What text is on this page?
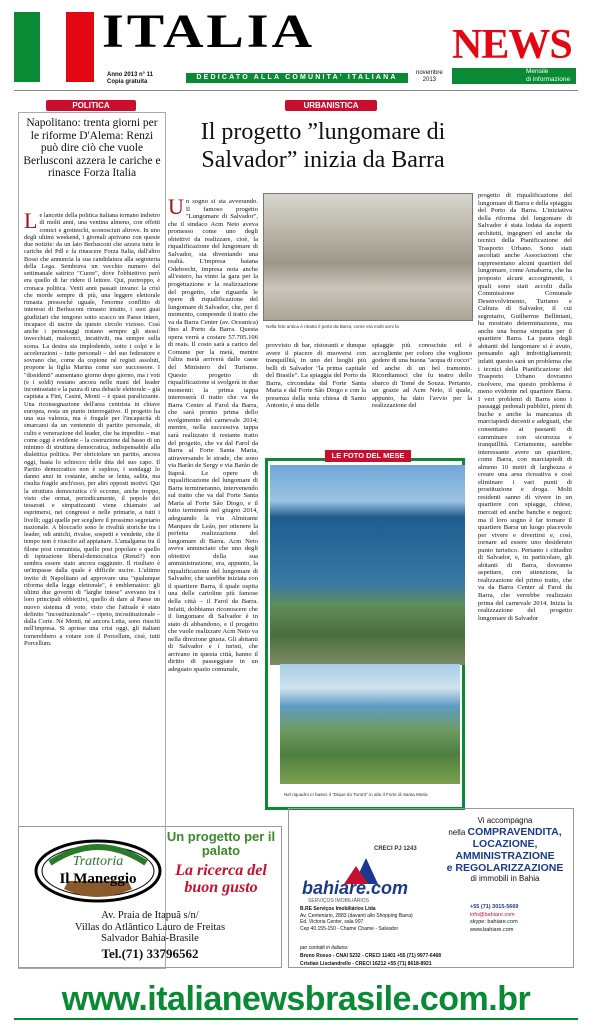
ITALIA	NEWS
Mensile
di informazione
Anno 2013 n° 11
Copia gratuita
DEDICATO ALLA COMUNITA' ITALIANA
novembre
2013
POLITICA	URBANISTICA
Napolitano: trenta giorni per le riforme D'Alema: Renzi può dire ciò che vuole Berlusconi azzera le cariche e rinasce Forza Italia
Le lancette della politica italiana tornano indietro di molti anni, una ventina almeno, con effetti comici e grotteschi, sconosciuti altrove. In uno degli ultimi weekend, i giornali aprivano con queste due notizie: da un lato Berlusconi che azzera tutte le cariche del Pdl e fa rinascere Forza Italia, dall'altro Bossi che annuncia la sua candidatura alla segreteria della Lega. Sembrava un vecchio numero del settimanale satirico "Cuore", dove l'obbiettivo però era quello di far ridere il lettore. Qui, purtroppo, è cronaca politica. Venti anni passati invano: la crisi che morde sempre di più, una leggere elettorale rimasta pressoché uguale, l'enorme conflitto di interessi di Berlusconi rimasto intatto, i suoi guai giudiziari che tengono sotto scacco un Paese intero, incapace di uscire da questo circolo vizioso. Così anche i personaggi restano sempre gli stessi: invecchiati, malconci, incattiviti, ma sempre sulla scena. La destra sta implodendo, sotto i colpi e le accelerazioni – tutte personali – del suo federatore e sovrano che, come da copione né registi assoluti, propone la figlia Marina come suo successore. I "dissidenti" aumentano giorno dopo giorno, ma i voti (e i soldi) restano ancora nelle mani del leader incontrastato e la paura di una debacle elettorale – già capitata a Fini, Casini, Monti – è quasi paralizzante. Una riconsegnazione dell'area centrista in chiave europea, resta un punto interrogativo. Il progetto ha una sua valenza, ma è frugale per l'incapacità di smarcarsi da un ventennio di partito personale, di culto e venerazione del leader, che ha impedito – mai come oggi è evidente – la costruzione dal basso di un minimo di struttura democratica, indispensabile alla dialettica politica. Per sbriciolare un partito, ancora oggi, basta lo schiocco delle dita del suo capo. Il Partito democratico non è esploso, i sondaggi lo danno anzi in costante, anche se lenta, salita, ma risulta fragile anch'esso, per altri opposti motivi. Qui la struttura democratica c'è eccome, anche troppo, visto che ormai, periodicamente, il popolo dei tesserati e simpatizzanti viene chiamato ad esprimersi, nei congressi e nelle primarie, a tutti i livelli; oggi quelle per scegliere il prossimo segretario nazionale. A bloccarlo sono le rivalità storiche tra i leader, odi antichi, rivalse, sospetti e vendette, che il tempo non è riuscito ad appianare. L'amalgama tra il filone post comunista, quello post popolare e quello di ispirazione liberal-democratica (Renzi?) non sembra essere stato ancora raggiunto. Il risultato è un'impasse dalla quale è difficile uscire. L'ultimo invito di Napolitano ad approvare una "qualunque riforma della legge elettorale", è emblematico: gli ultimi due governi di "larghe intese" avevano tra i loro principali obbiettivi, quello di dare al Paese un nuovo sistema di voto, visto che l'attuale è stato definito "incostituzionale" – ripeto, incostituzionale – dalla Corte. Né Monti, né ancora Letta, sono riusciti nell'impresa. Si aprisse una crisi oggi, gli italiani tornerebbero a votare con il Porcellum, cioè, tutti Porcellum.
Il progetto ”lungomare di Salvador” inizia da Barra
Un sogno si sta avverando. Il famoso progetto "Lungomare di Salvador", che il sindaco Acm Neto aveva promesso come uno degli obiettivi da realizzare, cioè, la riqualificazione del lungomare di Salvador, sta diventando una realtà. L'impresa baiana Odebrecht, impresa nota anche all'estero, ha vinto la gara per la progettazione e la realizzazione del progetto, che riguarda le opere di riqualificazione del lungomare di Salvador, che, per il momento, comprende il tratto che va da Barra Center (av. Oceanica) fino al Porto da Barra. Questa opera verrà a costare 57.705.106 di reais. Il costo sarà a carico del Comune per la metà, mentre l'altra metà arriverà dalle casse del Ministero del Turismo. Questo progetto di riqualificazione si svolgerà in due momenti: la prima tappa interesserà il tratto che va da Barra Center al Farol da Barra, che sarà pronto prima dello svolgimento del carnevale 2014; mentre, nella successiva tappa sarà realizzato il restante tratto del progetto, che va dal Farol da Barra al Forte Santa Maria, attraversando le strade, che sono via Barão de Sergy e via Barão de Itapoã. Le opere di riqualificazione del lungomare di Barra termineranno, intervenendo sul tratto che va dal Forte Santa Maria al Forte São Diogo, e il tutto terminerà nel giugno 2014, adeguando la via Almirante Marques de Leão, per ottenere la perfetta realizzazione del lungomare di Barra. Acm Neto aveva annunciato che uno degli obiettivi della sua amministrazione, era, appunto, la riqualificazione del lungomare di Salvador, che sarebbe iniziata con il quartiere Barra, il quale ospita una delle cartoline più famose della città – il Farol da Barra. Infatti, dobbiamo riconoscere che il lungomare di Salvador è in stato di abbandono, e il progetto che vuole realizzare Acm Neto va nella direzione giusta. Gli abitanti di Salvador e i turisti, che arrivano in questa città, hanno il diritto di passeggiare in un adeguato spazio comunale,
Nella foto antica è ritratto il porto da Barra, come era molti anni fa
provvisto di bar, ristoranti e dunque avere il piacere di muoversi con tranquillità, in uno dei luoghi più belli di Salvador "la prima capitale del Brasile". La spiaggia del Porto da Barra, circondata dal Forte Santa Maria e dal Forte São Diogo e con la presenza della nota chiesa di Santo Antonio, è una delle
spiaggie più conosciute ed è accogliente per coloro che vogliono godere di una buona "acqua di cocco" ed anche di un bel tramonto. Ricordiamoci che fu teatro dello sbarco di Tomé de Souza. Pertanto, un grazie ad Acm Neto, il quale, appunto, ha dato l'avvio per la realizzazione del
progetto di riqualificazione del lungomare di Barra e della spiaggia del Porto da Barra. L'iniziativa della riforma del lungomare di Salvador è stata lodata da esperti architetti, ingegneri ed anche da tecnici della Pianificazione del Trasporto Urbano. Sono stati ascoltati anche Associazioni che rappresentano alcuni quartieri del lungomare, come Amabarra, che ha proposto alcuni accorgimenti, i quali sono stati accolti dalla Commissione Comunale Desenvolvimento, Turismo e Cultura di Salvador, il cui segretario, Guilherme Bellintani, ha mostrato determinazione, ma anche una buona simpatia per il quartiere Barra. La paura degli abitanti del lungomare si è avuto, pensando agli imbottigliamenti; infatti questo sarà un problema che i tecnici della Pianificazione del Trasporto Urbano dovranno risolvere, ma questo problema è meno evidente nel quartiere Barra. I veri problemi di Barra sono i passaggi pedonali pubblici, pieni di buche e anche la mancanza di marciapiedi decenti e adeguati, che consentano ai passanti di camminare con sicurezza e tranquillità. Certamente, sarebbe interessante avere un quartiere, come Barra, con marciapiedi di almeno 10 metri di larghezza e creare una area ricreativa e così eliminare i vari punti di prostituzione e droga. Molti residenti sanno di vivere in un quartiere con spiagge, chiese, mercati ed anche banche e negozi; ma il loro sogno è far tornare il quartiere Barra un luogo piacevole per vivere e divertirsi e, così, tornare ad essere uno desiderato punto turistico. Pertanto i cittadini di Salvador, e, in particolare, gli abitanti di Barra, dovranno aspettare, con attenzione, la realizzazione del primo tratto, che va da Barra Center al Farol da Barra, che verrebbe realizzato prima del carnevale 2014. Inizia la realizzazione del progetto lungomare di Salvador
LE FOTO DEL MESE
Nel riquadro in basso il "Dique do Tororó" in alto il Forte di Santa Maria
Trattoria
Il Maneggio
Un progetto per il palato
La ricerca del buon gusto
Av. Praia de Itapuã s/n/
Villas do Atlântico Lauro de Freitas
Salvador Bahia-Brasile
Tel.(71) 33796562
CRECI PJ 1243
bahiare.com
SERVIÇOS IMOBILIÁRIOS
Vi accompagna
nella COMPRAVENDITA,
LOCAZIONE,
AMMINISTRAZIONE
e REGOLARIZZAZIONE
di immobili in Bahia
B.RE Serviços Imobiliários Ltda
Av. Centenário, 2883 (davanti allo Shopping Barra)
Ed. Victoria Center, sala 907
Cep 40.155-150 - Chame Chame - Salvador
+55 (71) 3015-5669
info@bahiare.com
skype: bahiare.com
www.bahiare.com
per contatti in italiano:
Bruno Rosso - CNAI 5232 - CRECI 11401 +55 (71) 9977-6468
Cristian Lisciandrello - CRECI 16212 +55 (71) 8618-8921
www.italianewsbrasile.com.br
